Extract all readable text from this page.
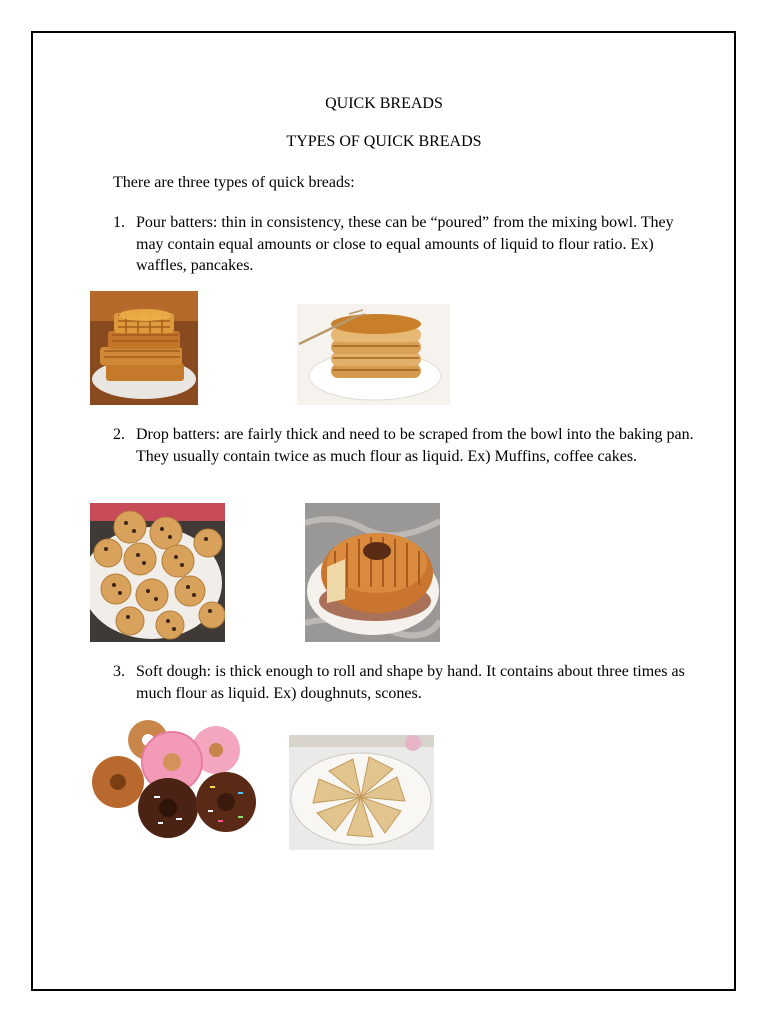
QUICK BREADS
TYPES OF QUICK BREADS
There are three types of quick breads:
1. Pour batters: thin in consistency, these can be “poured” from the mixing bowl. They may contain equal amounts or close to equal amounts of liquid to flour ratio. Ex) waffles, pancakes.
2. Drop batters: are fairly thick and need to be scraped from the bowl into the baking pan. They usually contain twice as much flour as liquid. Ex) Muffins, coffee cakes.
3. Soft dough: is thick enough to roll and shape by hand. It contains about three times as much flour as liquid. Ex) doughnuts, scones.
